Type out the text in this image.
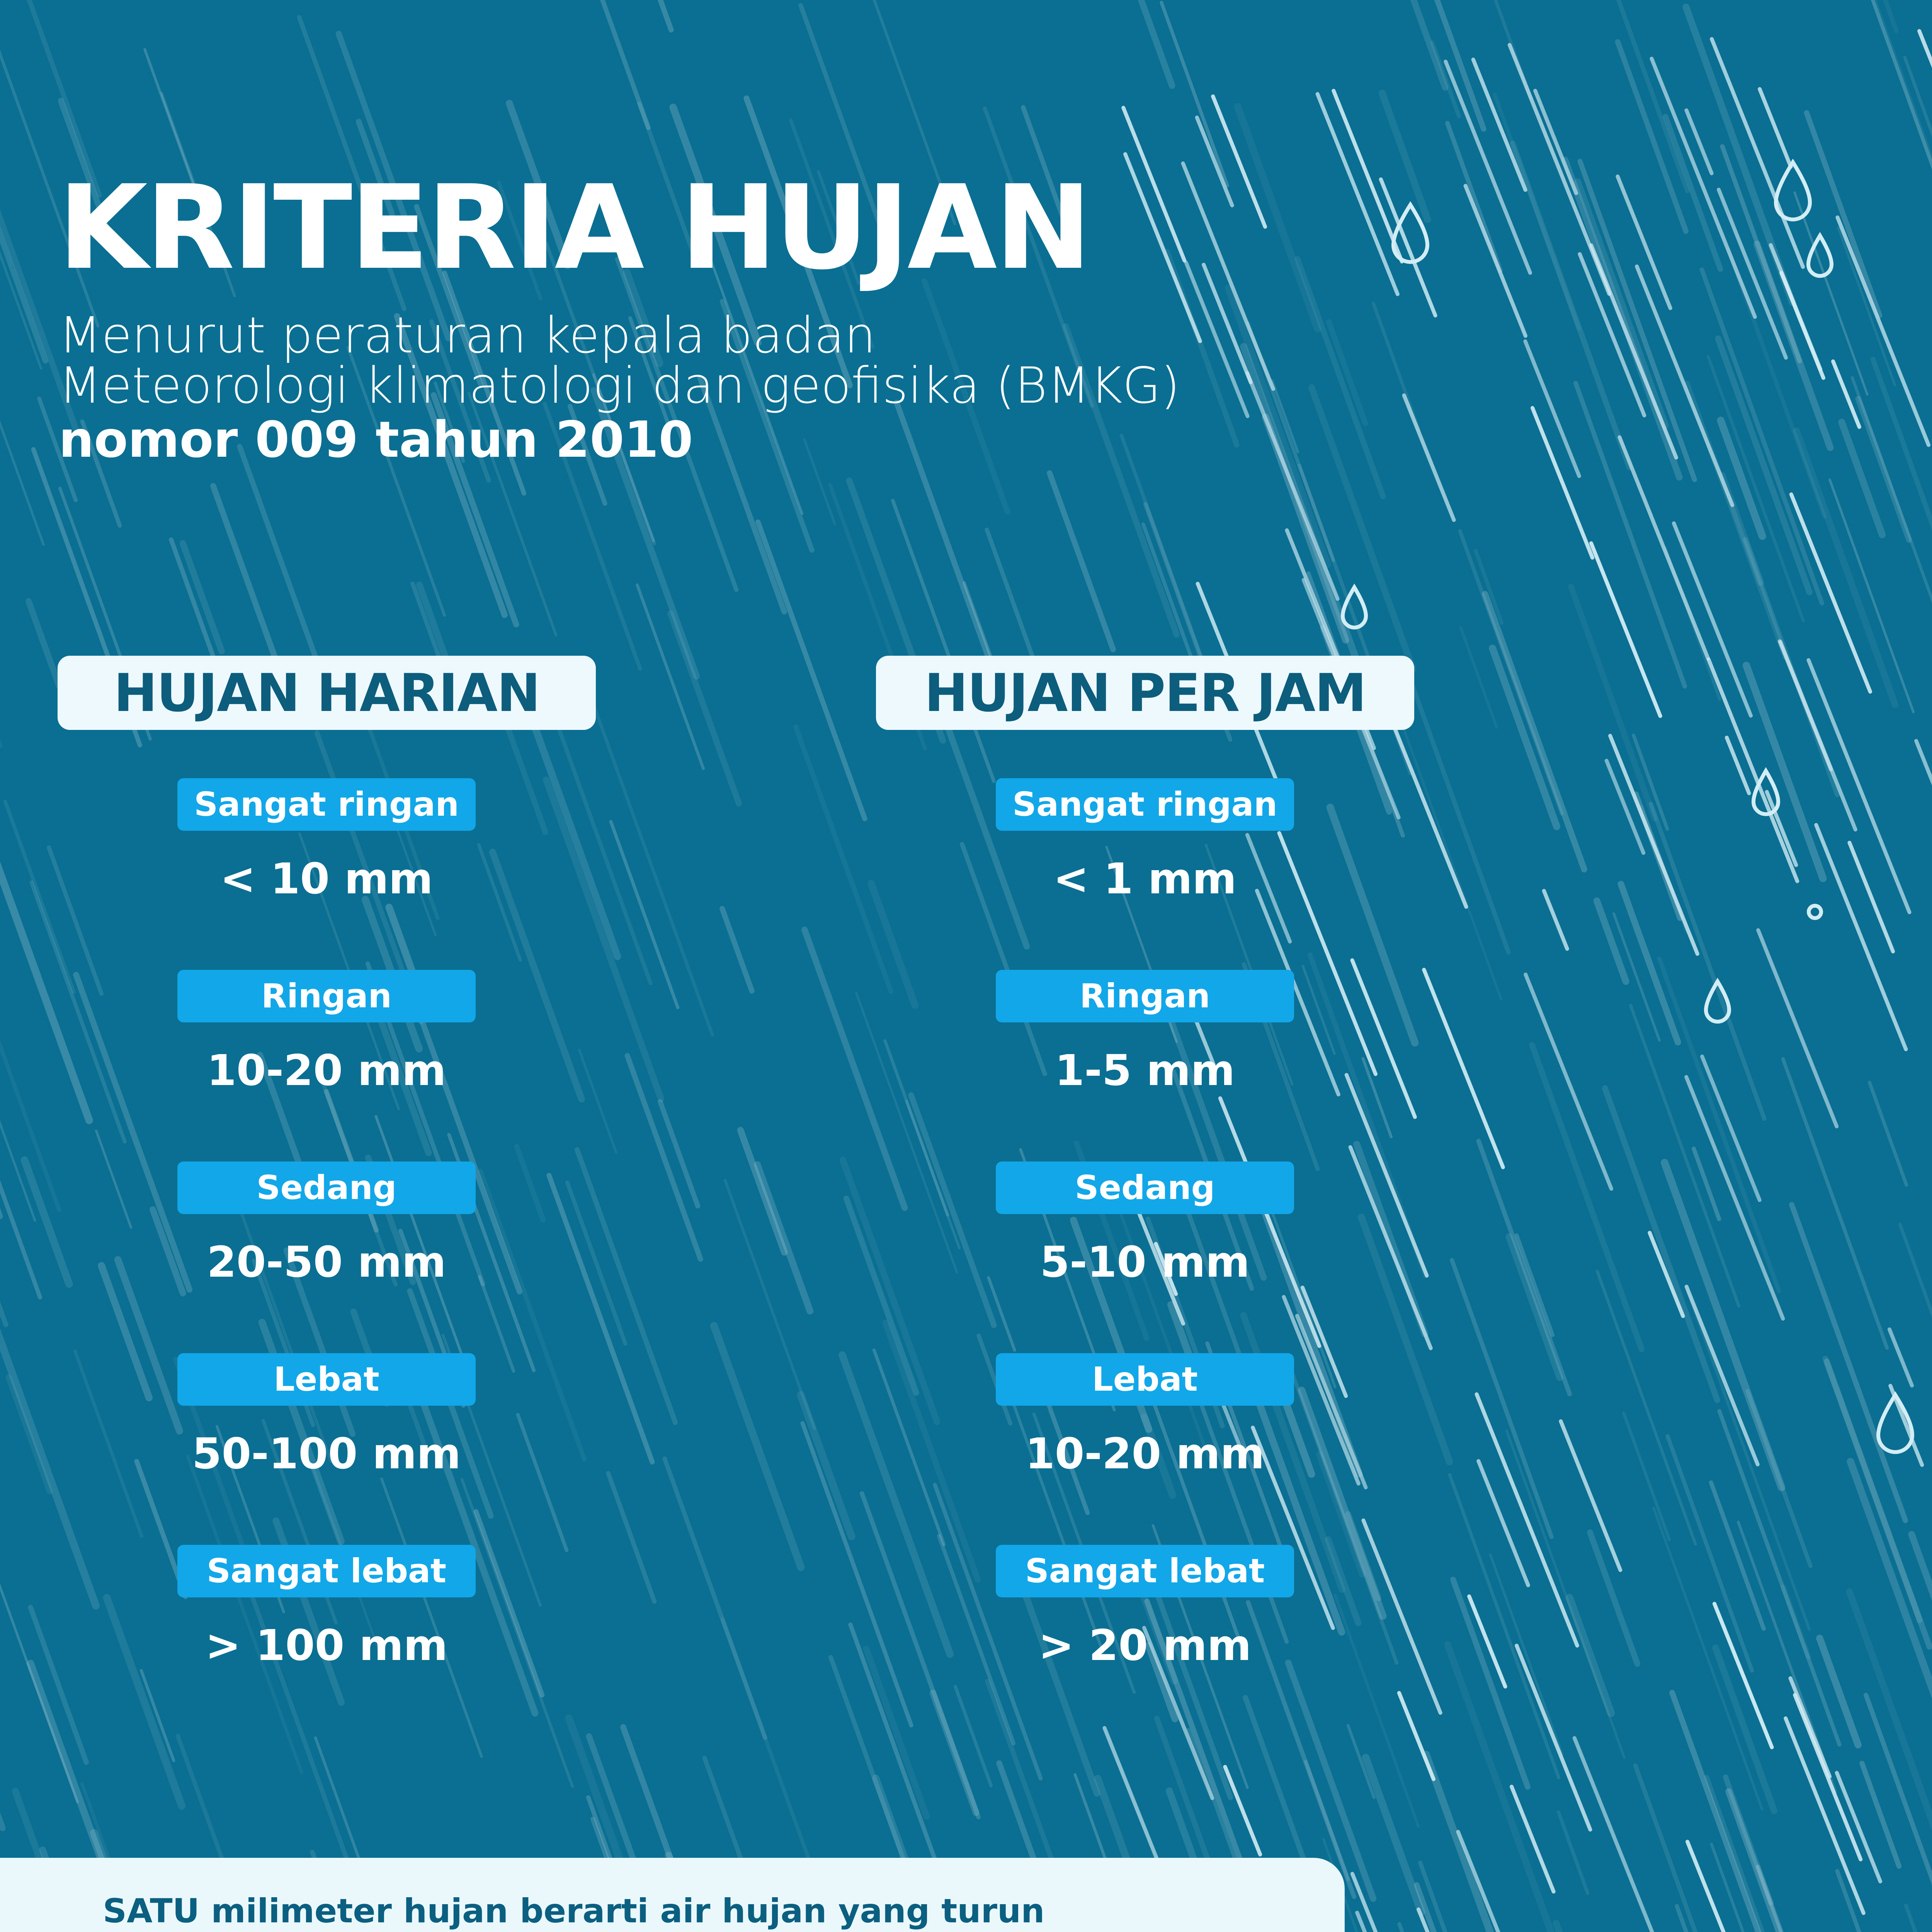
KRITERIA HUJAN
Menurut peraturan kepala badan
Meteorologi klimatologi dan geofisika (BMKG)
nomor 009 tahun 2010
HUJAN HARIAN	HUJAN PER JAM
Sangat ringan
< 10 mm
Ringan
10-20 mm
Sedang
20-50 mm
Lebat
50-100 mm
Sangat lebat
> 100 mm
Sangat ringan
< 1 mm
Ringan
1-5 mm
Sedang
5-10 mm
Lebat
10-20 mm
Sangat lebat
> 20 mm
SATU milimeter hujan berarti air hujan yang turun
